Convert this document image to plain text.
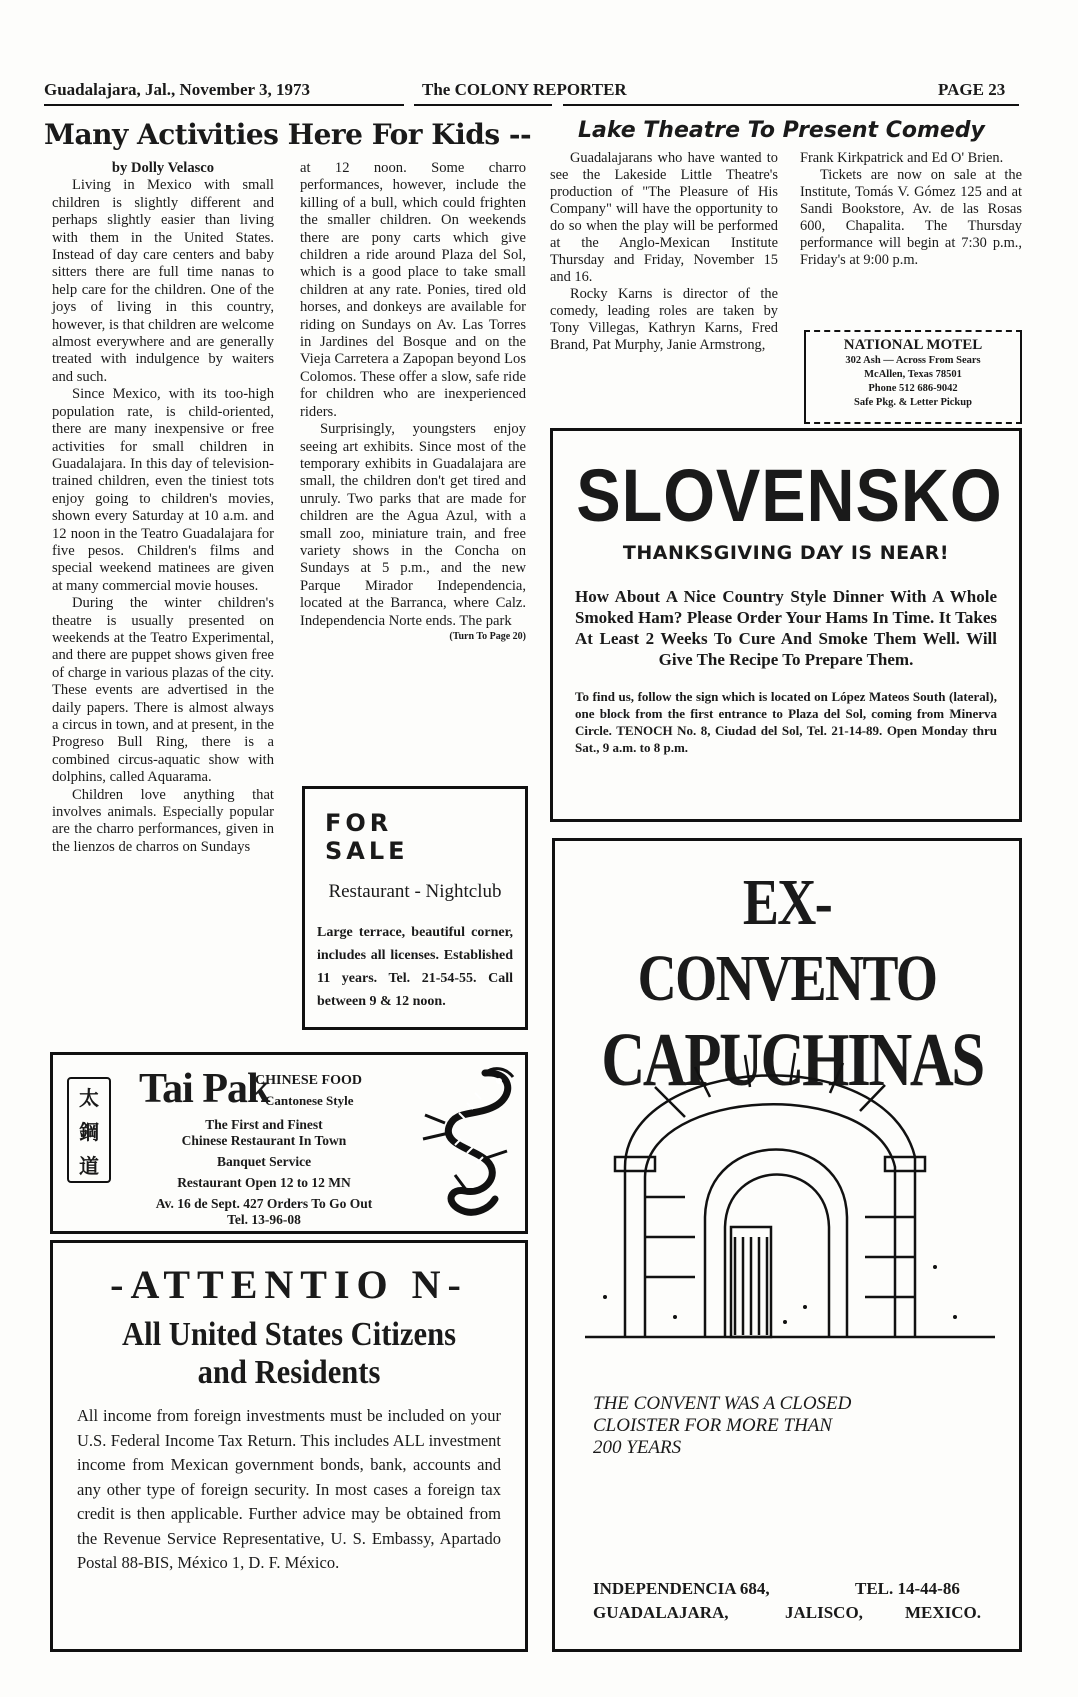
Guadalajara, Jal., November 3, 1973	The COLONY REPORTER	PAGE 23
Many Activities Here For Kids --

by Dolly Velasco

Living in Mexico with small children is slightly different and perhaps slightly easier than living with them in the United States. Instead of day care centers and baby sitters there are full time nanas to help care for the children. One of the joys of living in this country, however, is that children are welcome almost everywhere and are generally treated with indulgence by waiters and such.

Since Mexico, with its too-high population rate, is child-oriented, there are many inexpensive or free activities for small children in Guadalajara. In this day of television-trained children, even the tiniest tots enjoy going to children's movies, shown every Saturday at 10 a.m. and 12 noon in the Teatro Guadalajara for five pesos. Children's films and special weekend matinees are given at many commercial movie houses.

During the winter children's theatre is usually presented on weekends at the Teatro Experimental, and there are puppet shows given free of charge in various plazas of the city. These events are advertised in the daily papers. There is almost always a circus in town, and at present, in the Progreso Bull Ring, there is a combined circus-aquatic show with dolphins, called Aquarama.

Children love anything that involves animals. Especially popular are the charro performances, given in the lienzos de charros on Sundays

at 12 noon. Some charro performances, however, include the killing of a bull, which could frighten the smaller children. On weekends there are pony carts which give children a ride around Plaza del Sol, which is a good place to take small children at any rate. Ponies, tired old horses, and donkeys are available for riding on Sundays on Av. Las Torres in Jardines del Bosque and on the Vieja Carretera a Zapopan beyond Los Colomos. These offer a slow, safe ride for children who are inexperienced riders.

Surprisingly, youngsters enjoy seeing art exhibits. Since most of the temporary exhibits in Guadalajara are small, the children don't get tired and unruly. Two parks that are made for children are the Agua Azul, with a small zoo, miniature train, and free variety shows in the Concha on Sundays at 5 p.m., and the new Parque Mirador Independencia, located at the Barranca, where Calz. Independencia Norte ends. The park

(Turn To Page 20)

Lake Theatre To Present Comedy

Guadalajarans who have wanted to see the Lakeside Little Theatre's production of "The Pleasure of His Company" will have the opportunity to do so when the play will be performed at the Anglo-Mexican Institute Thursday and Friday, November 15 and 16.

Rocky Karns is director of the comedy, leading roles are taken by Tony Villegas, Kathryn Karns, Fred Brand, Pat Murphy, Janie Armstrong,

Frank Kirkpatrick and Ed O' Brien.

Tickets are now on sale at the Institute, Tomás V. Gómez 125 and at Sandi Bookstore, Av. de las Rosas 600, Chapalita. The Thursday performance will begin at 7:30 p.m., Friday's at 9:00 p.m.

NATIONAL MOTEL
302 Ash — Across From Sears
McAllen, Texas 78501
Phone 512 686-9042
Safe Pkg. & Letter Pickup
SLOVENSKO
THANKSGIVING DAY IS NEAR!
How About A Nice Country Style Dinner With A Whole Smoked Ham? Please Order Your Hams In Time. It Takes At Least 2 Weeks To Cure And Smoke Them Well. Will Give The Recipe To Prepare Them.
To find us, follow the sign which is located on López Mateos South (lateral), one block from the first entrance to Plaza del Sol, coming from Minerva Circle. TENOCH No. 8, Ciudad del Sol, Tel. 21-14-89. Open Monday thru Sat., 9 a.m. to 8 p.m.
FOR SALE
Restaurant - Nightclub
Large terrace, beautiful corner, includes all licenses. Established 11 years. Tel. 21-54-55. Call between 9 & 12 noon.
太
鋼
道
Tai Pak
CHINESE FOOD
Cantonese Style
The First and Finest
Chinese Restaurant In Town
Banquet Service
Restaurant Open 12 to 12 MN
Av. 16 de Sept. 427 Orders To Go Out
Tel. 13-96-08
-ATTENTIO N-
All United States Citizens
and Residents
All income from foreign investments must be included on your U.S. Federal Income Tax Return. This includes ALL investment income from Mexican government bonds, bank, accounts and any other type of foreign security. In most cases a foreign tax credit is then applicable. Further advice may be obtained from the Revenue Service Representative, U. S. Embassy, Apartado Postal 88-BIS, México 1, D. F. México.
EX-CONVENTO
CAPUCHINAS
THE CONVENT WAS A CLOSED
CLOISTER FOR MORE THAN
200 YEARS
INDEPENDENCIA 684,	TEL. 14-44-86
GUADALAJARA,	JALISCO, MEXICO.
